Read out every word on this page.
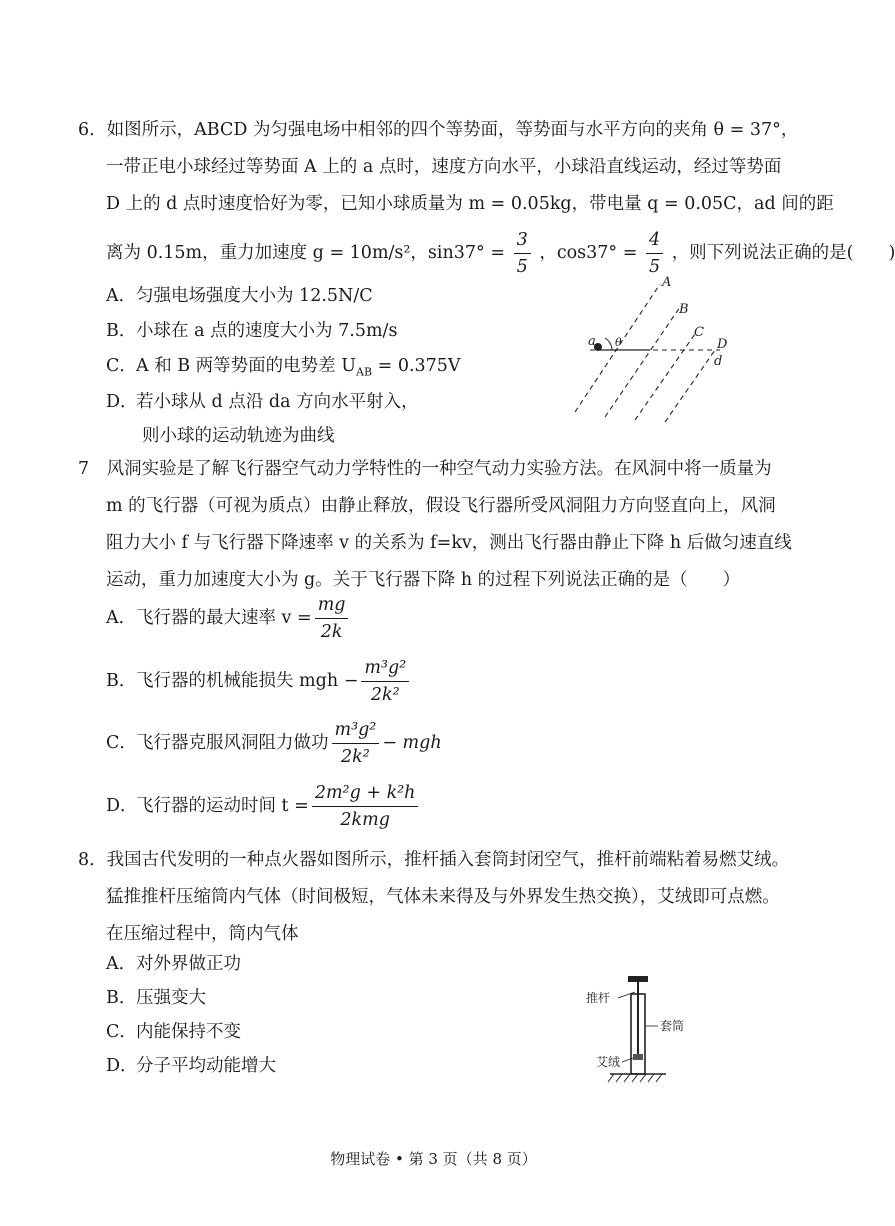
6．如图所示，ABCD 为匀强电场中相邻的四个等势面，等势面与水平方向的夹角 θ = 37°，
一带正电小球经过等势面 A 上的 a 点时，速度方向水平，小球沿直线运动，经过等势面
D 上的 d 点时速度恰好为零，已知小球质量为 m = 0.05kg，带电量 q = 0.05C，ad 间的距
离为 0.15m，重力加速度 g = 10m/s²，$\sin 37^\circ = \frac{3}{5}$ ，$\cos 37^\circ = \frac{4}{5}$ ，则下列说法正确的是(　　)
A．匀强电场强度大小为 12.5N/C
B．小球在 a 点的速度大小为 7.5m/s
C．A 和 B 两等势面的电势差 $U_{AB} = 0.375V$
D．若小球从 d 点沿 da 方向水平射入，
则小球的运动轨迹为曲线
A
B
C
D
a
d
θ
7　风洞实验是了解飞行器空气动力学特性的一种空气动力实验方法。在风洞中将一质量为
m 的飞行器（可视为质点）由静止释放，假设飞行器所受风洞阻力方向竖直向上，风洞
阻力大小 f 与飞行器下降速率 v 的关系为 f=kv，测出飞行器由静止下降 h 后做匀速直线
运动，重力加速度大小为 g。关于飞行器下降 h 的过程下列说法正确的是（　　）
A．飞行器的最大速率 $v = \frac{mg}{2k}$
B．飞行器的机械能损失 mgh − $\frac{\text{m³g²}}{\text{2k²}}$
C．飞行器克服风洞阻力做功 $\frac{\text{m³g²}}{\text{2k²}}$ − mgh
D．飞行器的运动时间 $t = \frac{\text{2m²g + k²h}}{\text{2kmg}}$
8．我国古代发明的一种点火器如图所示，推杆插入套筒封闭空气，推杆前端粘着易燃艾绒。
猛推推杆压缩筒内气体（时间极短，气体未来得及与外界发生热交换），艾绒即可点燃。
在压缩过程中，筒内气体
A．对外界做正功
B．压强变大
C．内能保持不变
D．分子平均动能增大
推杆
套筒
艾绒
物理试卷 • 第 3 页（共 8 页）
